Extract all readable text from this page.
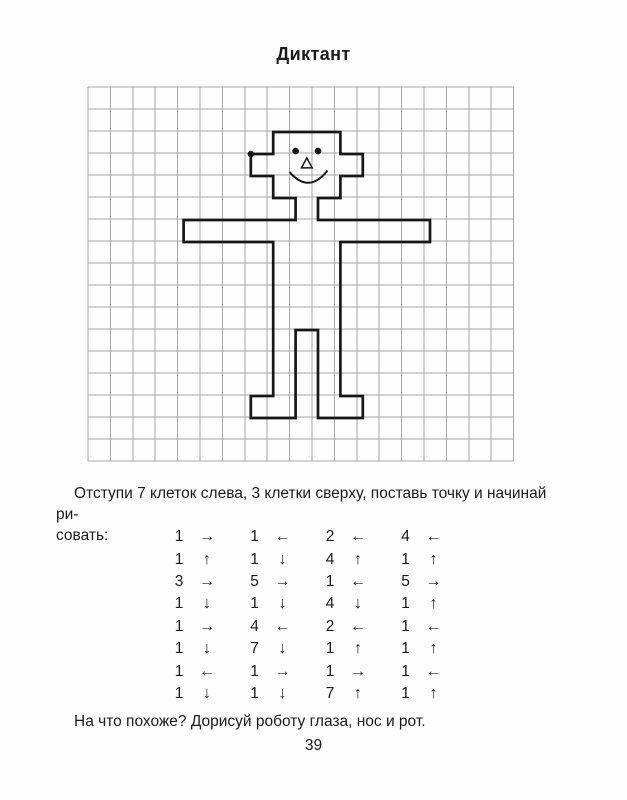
Диктант

Отступи 7 клеток слева, 3 клетки сверху, поставь точку и начинай ри-
совать:	1 → 1 ← 2 ← 4 ←
1	↑	1	↓	4	↑	1	↑
3 → 5 → 1 ← 5 →
1	↓	1	↓	4	↓	1	↑
1 → 4 ← 2 ← 1 ←
1	↓	7	↓	1	↑	1	↑
1 ← 1 → 1 → 1 ←
1	↓	1	↓	7	↑	1	↑

На что похоже? Дорисуй роботу глаза, нос и рот.

39
